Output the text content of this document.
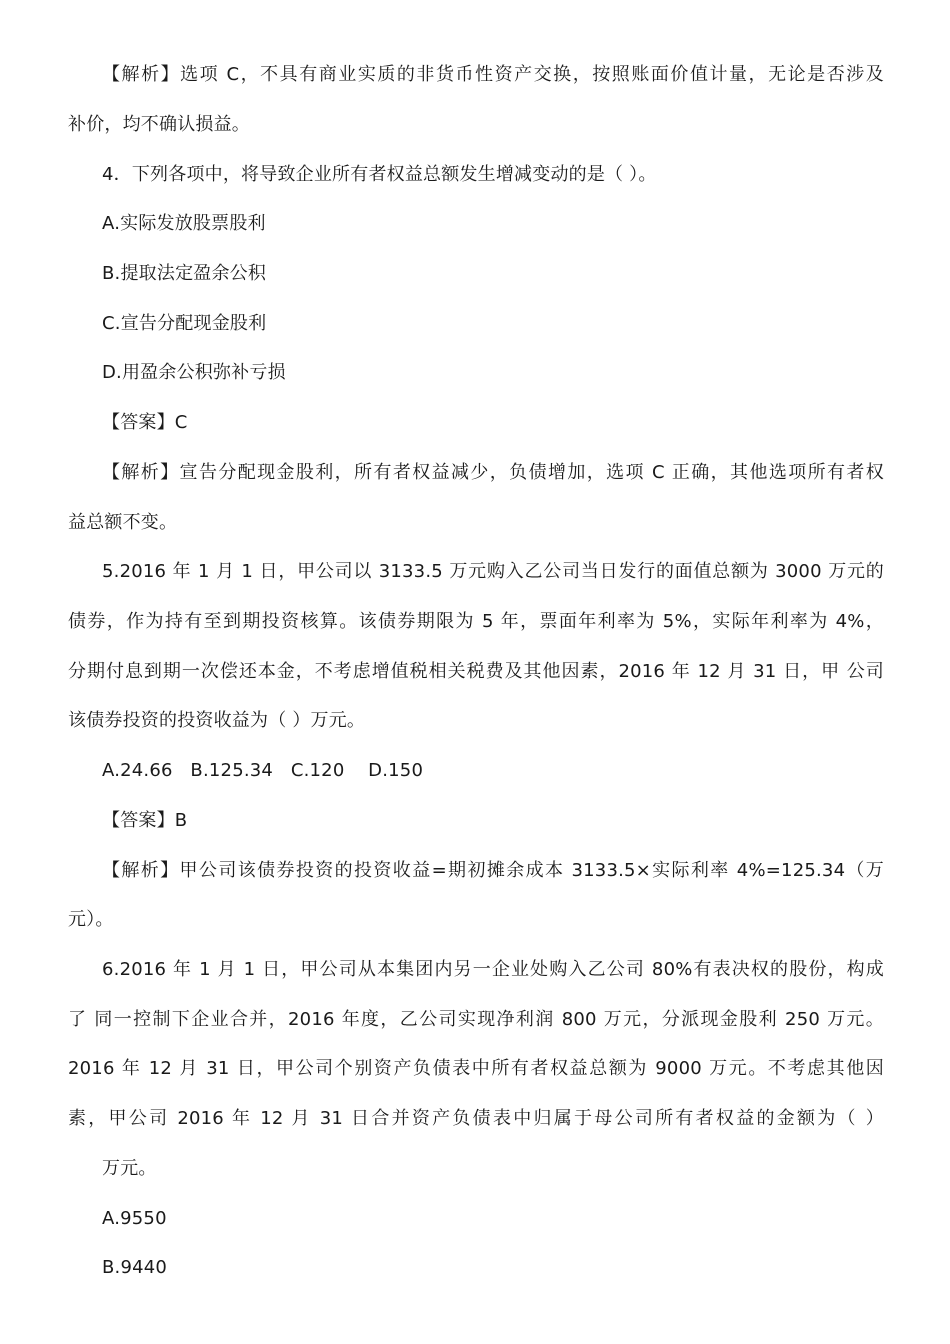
【解析】选项 C，不具有商业实质的非货币性资产交换，按照账面价值计量，无论是否涉及
补价，均不确认损益。
4．下列各项中，将导致企业所有者权益总额发生增减变动的是（ ）。
A.实际发放股票股利
B.提取法定盈余公积
C.宣告分配现金股利
D.用盈余公积弥补亏损
【答案】C
【解析】宣告分配现金股利，所有者权益减少，负债增加，选项 C 正确，其他选项所有者权
益总额不变。
5.2016 年 1 月 1 日，甲公司以 3133.5 万元购入乙公司当日发行的面值总额为 3000 万元的
债券，作为持有至到期投资核算。该债券期限为 5 年，票面年利率为 5%，实际年利率为 4%，
分期付息到期一次偿还本金，不考虑增值税相关税费及其他因素，2016 年 12 月 31 日，甲 公司
该债券投资的投资收益为（ ）万元。
A.24.66   B.125.34   C.120    D.150
【答案】B
【解析】甲公司该债券投资的投资收益=期初摊余成本 3133.5×实际利率 4%=125.34（万
元）。
6.2016 年 1 月 1 日，甲公司从本集团内另一企业处购入乙公司 80%有表决权的股份，构成
了 同一控制下企业合并，2016 年度，乙公司实现净利润 800 万元，分派现金股利 250 万元。
2016 年 12 月 31 日，甲公司个别资产负债表中所有者权益总额为 9000 万元。不考虑其他因
素，甲公司 2016 年 12 月 31 日合并资产负债表中归属于母公司所有者权益的金额为（ ）
万元。
A.9550
B.9440
